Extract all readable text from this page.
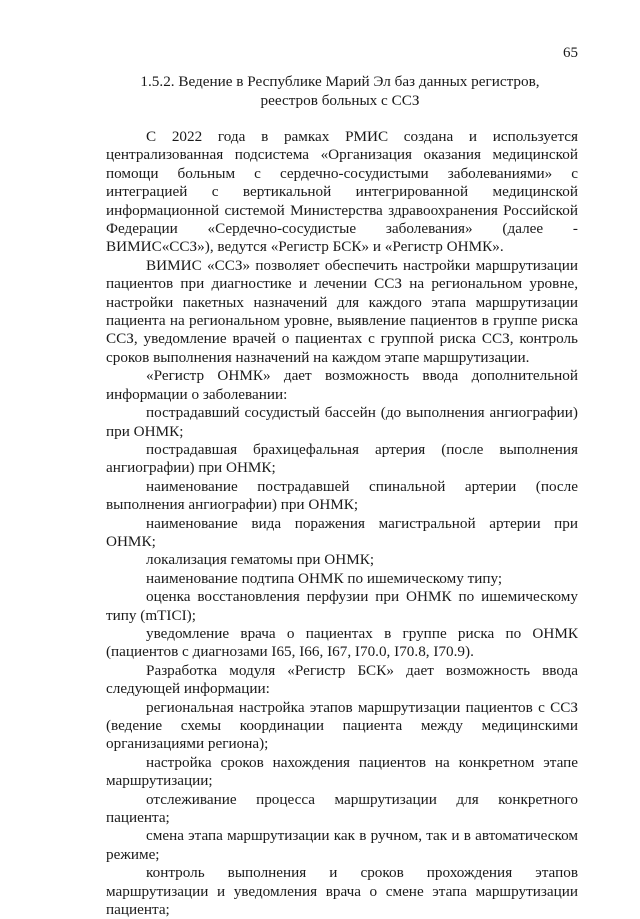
65
1.5.2. Ведение в Республике Марий Эл баз данных регистров,
реестров больных с ССЗ

С 2022 года в рамках РМИС создана и используется централизованная подсистема «Организация оказания медицинской помощи больным с сердечно-сосудистыми заболеваниями» с интеграцией с вертикальной интегрированной медицинской информационной системой Министерства здравоохранения Российской Федерации «Сердечно-сосудистые заболевания» (далее - ВИМИС«ССЗ»), ведутся «Регистр БСК» и «Регистр ОНМК».

ВИМИС «ССЗ» позволяет обеспечить настройки маршрутизации пациентов при диагностике и лечении ССЗ на региональном уровне, настройки пакетных назначений для каждого этапа маршрутизации пациента на региональном уровне, выявление пациентов в группе риска ССЗ, уведомление врачей о пациентах с группой риска ССЗ, контроль сроков выполнения назначений на каждом этапе маршрутизации.

«Регистр ОНМК» дает возможность ввода дополнительной информации о заболевании:

пострадавший сосудистый бассейн (до выполнения ангиографии) при ОНМК;

пострадавшая брахицефальная артерия (после выполнения ангиографии) при ОНМК;

наименование пострадавшей спинальной артерии (после выполнения ангиографии) при ОНМК;

наименование вида поражения магистральной артерии при ОНМК;

локализация гематомы при ОНМК;

наименование подтипа ОНМК по ишемическому типу;

оценка восстановления перфузии при ОНМК по ишемическому типу (mTICI);

уведомление врача о пациентах в группе риска по ОНМК (пациентов с диагнозами I65, I66, I67, I70.0, I70.8, I70.9).

Разработка модуля «Регистр БСК» дает возможность ввода следующей информации:

региональная настройка этапов маршрутизации пациентов с ССЗ (ведение схемы координации пациента между медицинскими организациями региона);

настройка сроков нахождения пациентов на конкретном этапе маршрутизации;

отслеживание процесса маршрутизации для конкретного пациента;

смена этапа маршрутизации как в ручном, так и в автоматическом режиме;

контроль выполнения и сроков прохождения этапов маршрутизации и уведомления врача о смене этапа маршрутизации пациента;
